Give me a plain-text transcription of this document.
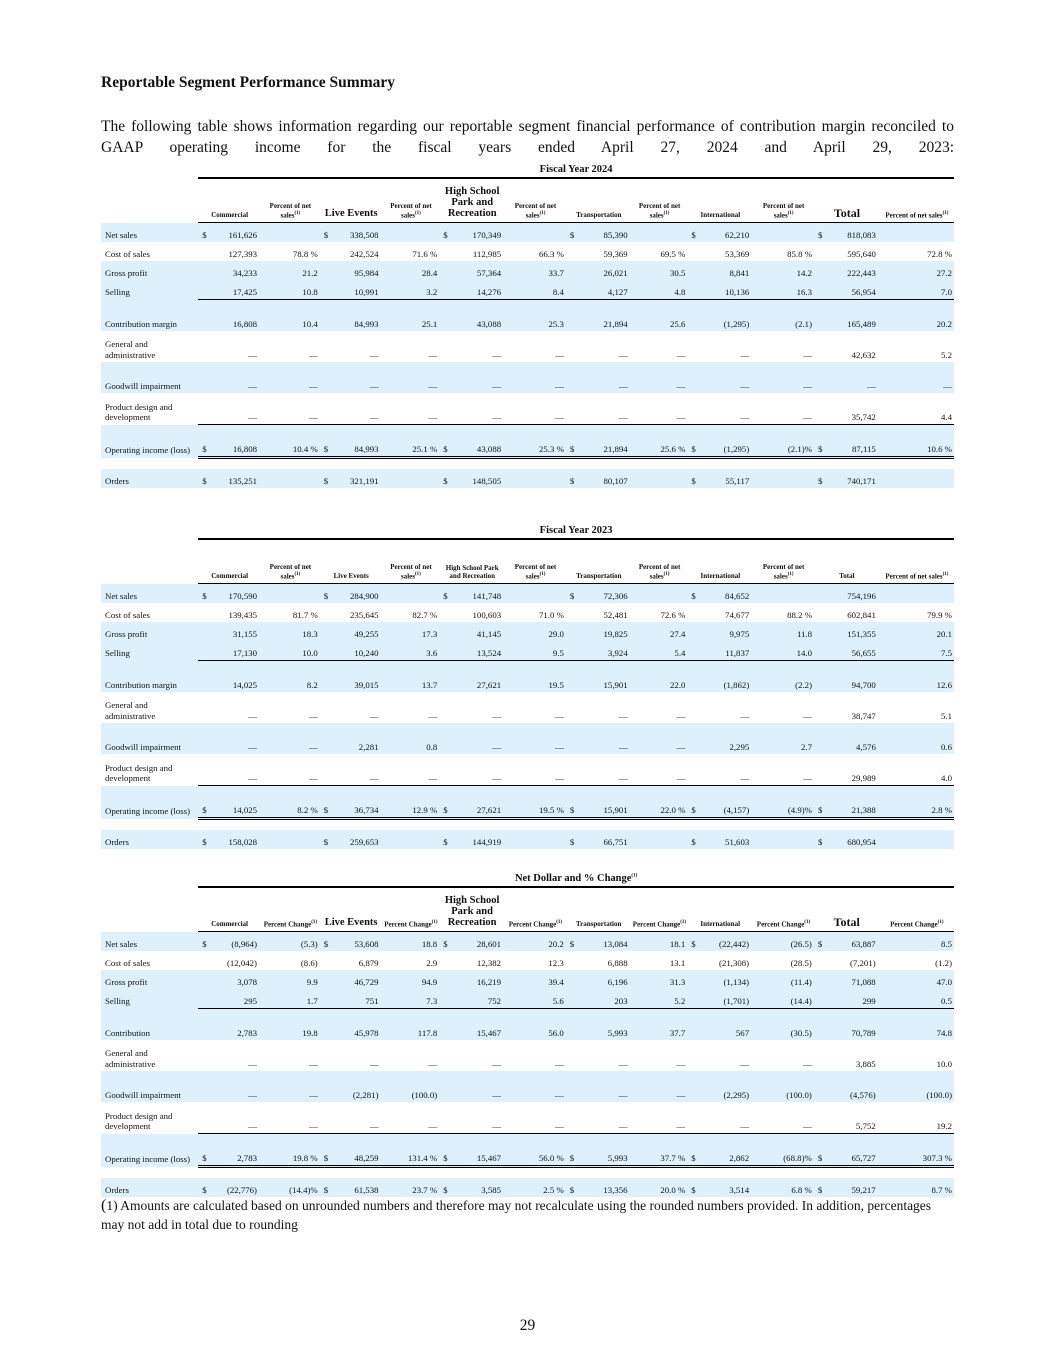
Reportable Segment Performance Summary
The following table shows information regarding our reportable segment financial performance of contribution margin reconciled to GAAP operating income for the fiscal years ended April 27, 2024 and April 29, 2023:
	Fiscal Year 2024																	
	Commercial		Percent of net sales$^{(1)}$	Live Events		Percent of net sales$^{(1)}$	High School Park and Recreation		Percent of net sales$^{(1)}$	Transportation		Percent of net sales$^{(1)}$	International		Percent of net sales$^{(1)}$	Total		Percent of net sales$^{(1)}$
Net sales	$	161,626		$	338,508		$	170,349		$	85,390		$	62,210		$	818,083	
Cost of sales		127,393	78.8 %		242,524	71.6 %		112,985	66.3 %		59,369	69.5 %		53,369	85.8 %		595,640	72.8 %
Gross profit		34,233	21.2		95,984	28.4		57,364	33.7		26,021	30.5		8,841	14.2		222,443	27.2
Selling		17,425	10.8		10,991	3.2		14,276	8.4		4,127	4.8		10,136	16.3		56,954	7.0
Contribution margin		16,808	10.4		84,993	25.1		43,088	25.3		21,894	25.6		(1,295)	(2.1)		165,489	20.2
General and administrative		—	—		—	—		—	—		—	—		—	—		42,632	5.2
Goodwill impairment		—	—		—	—		—	—		—	—		—	—		—	—
Product design and development		—	—		—	—		—	—		—	—		—	—		35,742	4.4
Operating income (loss)	$	16,808	10.4 %	$	84,993	25.1 %	$	43,088	25.3 %	$	21,894	25.6 %	$	(1,295)	(2.1)%	$	87,115	10.6 %

Orders	$	135,251		$	321,191		$	148,505		$	80,107		$	55,117		$	740,171	
	Fiscal Year 2023																	
	Commercial		Percent of net sales$^{(1)}$	Live Events		Percent of net sales$^{(1)}$	High School Park and Recreation		Percent of net sales$^{(1)}$	Transportation		Percent of net sales$^{(1)}$	International		Percent of net sales$^{(1)}$	Total		Percent of net sales$^{(1)}$
Net sales	$	170,590		$	284,900		$	141,748		$	72,306		$	84,652			754,196	
Cost of sales		139,435	81.7 %		235,645	82.7 %		100,603	71.0 %		52,481	72.6 %		74,677	88.2 %		602,841	79.9 %
Gross profit		31,155	18.3		49,255	17.3		41,145	29.0		19,825	27.4		9,975	11.8		151,355	20.1
Selling		17,130	10.0		10,240	3.6		13,524	9.5		3,924	5.4		11,837	14.0		56,655	7.5
Contribution margin		14,025	8.2		39,015	13.7		27,621	19.5		15,901	22.0		(1,862)	(2.2)		94,700	12.6
General and administrative		—	—		—	—		—	—		—	—		—	—		38,747	5.1
Goodwill impairment		—	—		2,281	0.8		—	—		—	—		2,295	2.7		4,576	0.6
Product design and development		—	—		—	—		—	—		—	—		—	—		29,989	4.0
Operating income (loss)	$	14,025	8.2 %	$	36,734	12.9 %	$	27,621	19.5 %	$	15,901	22.0 %	$	(4,157)	(4.9)%	$	21,388	2.8 %

Orders	$	158,028		$	259,653		$	144,919		$	66,751		$	51,603		$	680,954	
	Net Dollar and % Change$^{(1)}$
	Commercial		Percent Change$^{(1)}$	Live Events		Percent Change$^{(1)}$	High School Park and Recreation		Percent Change$^{(1)}$	Transportation		Percent Change$^{(1)}$	International		Percent Change$^{(1)}$	Total		Percent Change$^{(1)}$
Net sales	$	(8,964)	(5.3)	$	53,608	18.8	$	28,601	20.2	$	13,084	18.1	$	(22,442)	(26.5)	$	63,887	8.5
Cost of sales		(12,042)	(8.6)		6,879	2.9		12,382	12.3		6,888	13.1		(21,308)	(28.5)		(7,201)	(1.2)
Gross profit		3,078	9.9		46,729	94.9		16,219	39.4		6,196	31.3		(1,134)	(11.4)		71,088	47.0
Selling		295	1.7		751	7.3		752	5.6		203	5.2		(1,701)	(14.4)		299	0.5
Contribution		2,783	19.8		45,978	117.8		15,467	56.0		5,993	37.7		567	(30.5)		70,789	74.8
General and administrative		—	—		—	—		—	—		—	—		—	—		3,885	10.0
Goodwill impairment		—	—		(2,281)	(100.0)		—	—		—	—		(2,295)	(100.0)		(4,576)	(100.0)
Product design and development		—	—		—	—		—	—		—	—		—	—		5,752	19.2
Operating income (loss)	$	2,783	19.8 %	$	48,259	131.4 %	$	15,467	56.0 %	$	5,993	37.7 %	$	2,862	(68.8)%	$	65,727	307.3 %

Orders	$	(22,776)	(14.4)%	$	61,538	23.7 %	$	3,585	2.5 %	$	13,356	20.0 %	$	3,514	6.8 %	$	59,217	8.7 %
(1) Amounts are calculated based on unrounded numbers and therefore may not recalculate using the rounded numbers provided. In addition, percentages may not add in total due to rounding
29
